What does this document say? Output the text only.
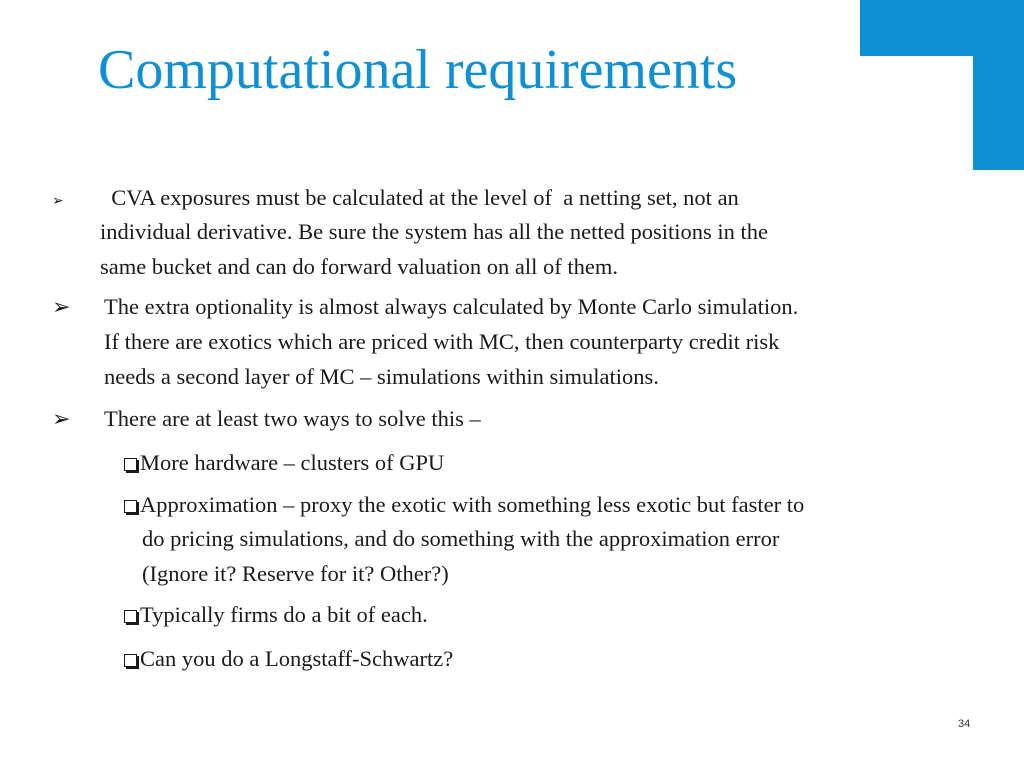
Computational requirements
➢ CVA exposures must be calculated at the level of  a netting set, not an
individual derivative. Be sure the system has all the netted positions in the
same bucket and can do forward valuation on all of them.
➢ The extra optionality is almost always calculated by Monte Carlo simulation.
If there are exotics which are priced with MC, then counterparty credit risk
needs a second layer of MC – simulations within simulations.
➢ There are at least two ways to solve this –
More hardware – clusters of GPU
Approximation – proxy the exotic with something less exotic but faster to
do pricing simulations, and do something with the approximation error
(Ignore it? Reserve for it? Other?)
Typically firms do a bit of each.
Can you do a Longstaff-Schwartz?
34
